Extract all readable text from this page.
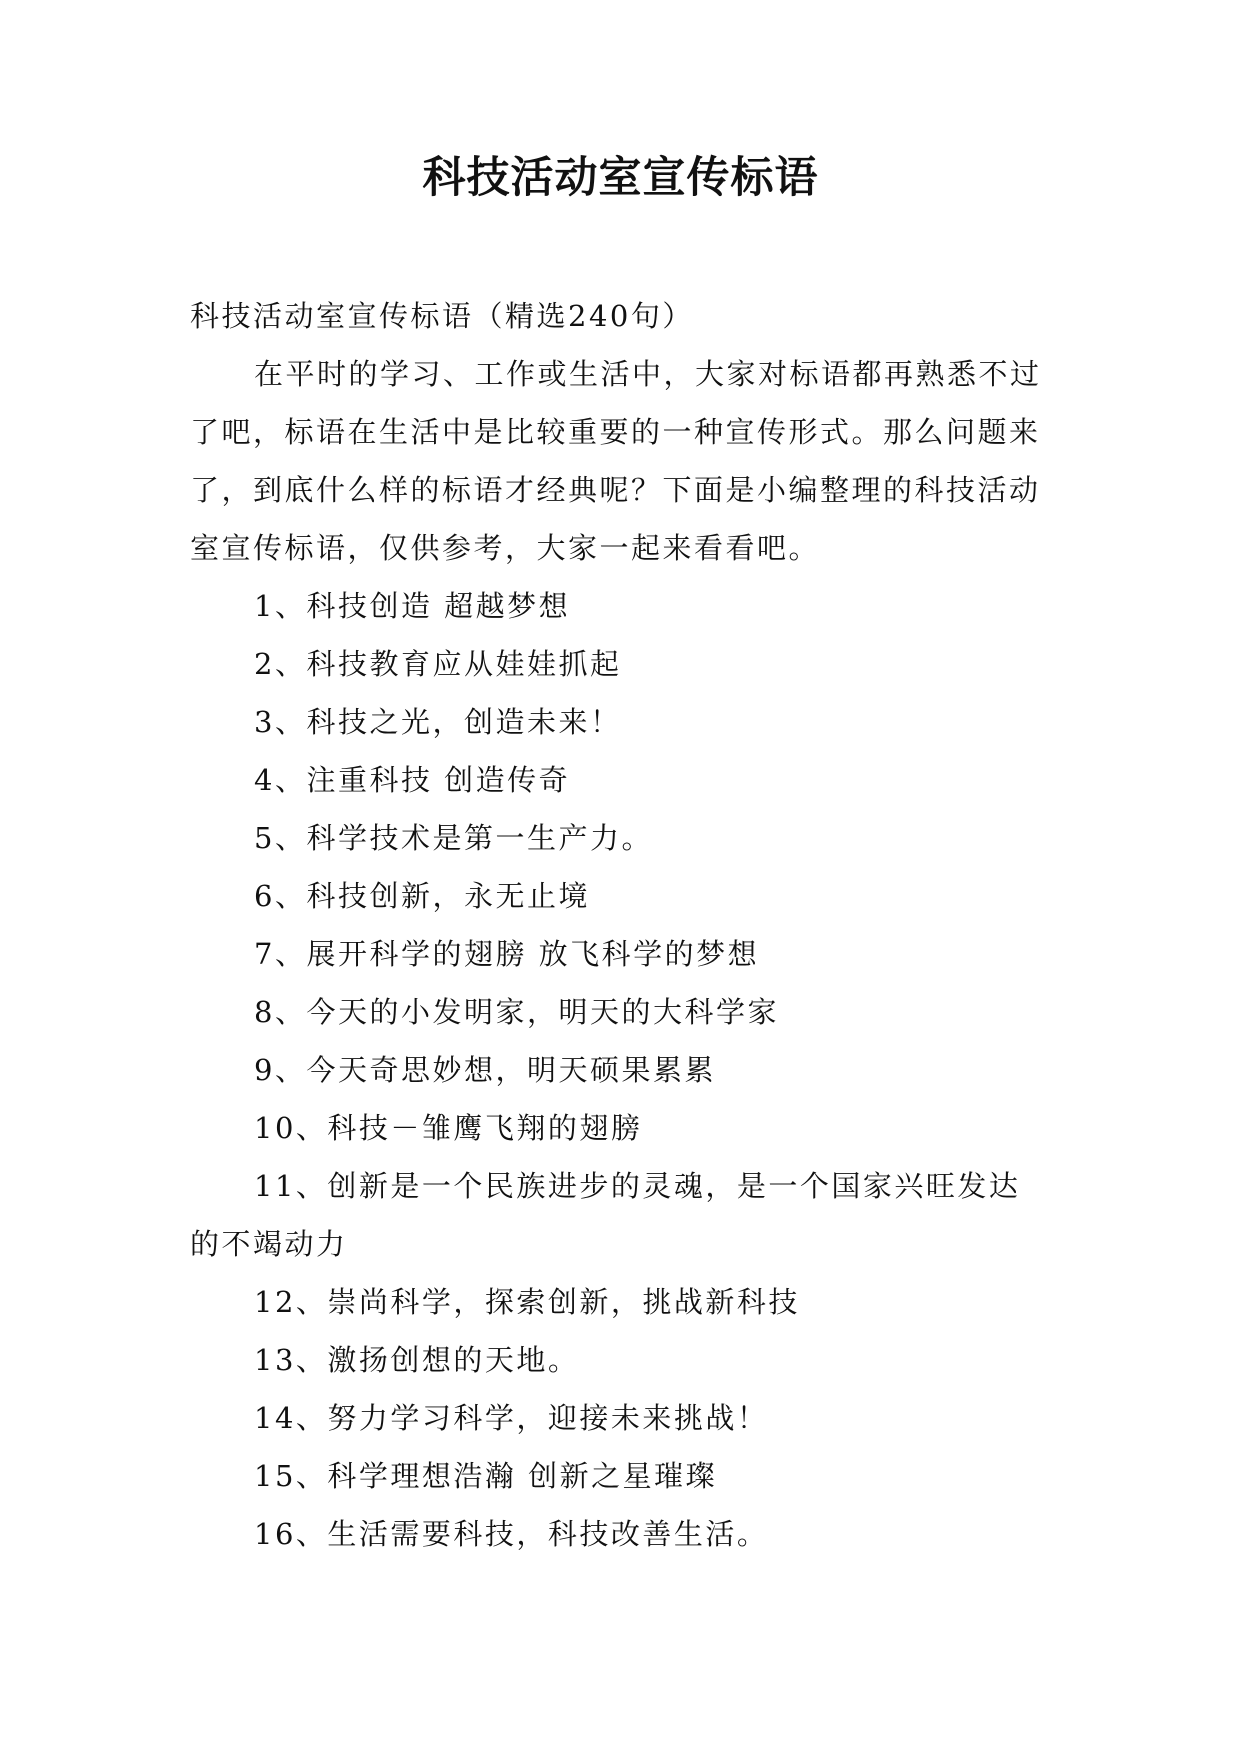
科技活动室宣传标语

科技活动室宣传标语（精选240句）

在平时的学习、工作或生活中，大家对标语都再熟悉不过了吧，标语在生活中是比较重要的一种宣传形式。那么问题来了，到底什么样的标语才经典呢？下面是小编整理的科技活动室宣传标语，仅供参考，大家一起来看看吧。

1、科技创造 超越梦想

2、科技教育应从娃娃抓起

3、科技之光，创造未来！

4、注重科技 创造传奇

5、科学技术是第一生产力。

6、科技创新，永无止境

7、展开科学的翅膀 放飞科学的梦想

8、今天的小发明家，明天的大科学家

9、今天奇思妙想，明天硕果累累

10、科技－雏鹰飞翔的翅膀

11、创新是一个民族进步的灵魂，是一个国家兴旺发达的不竭动力

12、崇尚科学，探索创新，挑战新科技

13、激扬创想的天地。

14、努力学习科学，迎接未来挑战！

15、科学理想浩瀚 创新之星璀璨

16、生活需要科技，科技改善生活。
